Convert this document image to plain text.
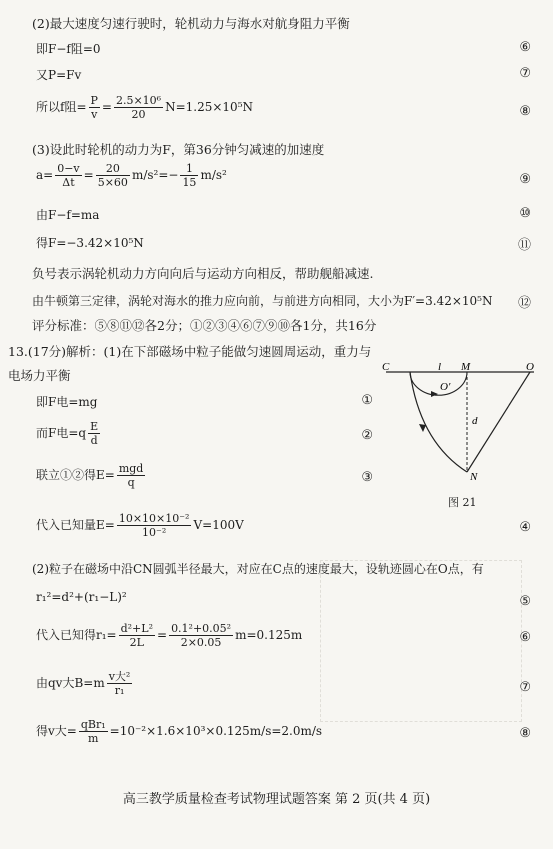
(2)最大速度匀速行驶时，轮机动力与海水对航身阻力平衡
即F−f阻=0	⑥
又P=Fv	⑦
所以f阻= $\frac{P}{v} = \frac{\text{2.5×10⁶}}{20} N=1.25\times 10^5N$	⑧
(3)设此时轮机的动力为F，第36分钟匀减速的加速度
$a= \frac{0-v}{\Delta t} = \frac{20}{5\times 60} m/s^2=- \frac{1}{15} m/s^2$	⑨
由F−f=ma	⑩
得F=−3.42×10⁵N	⑪
负号表示涡轮机动力方向向后与运动方向相反，帮助舰船减速.
由牛顿第三定律，涡轮对海水的推力应向前，与前进方向相同，大小为F′=3.42×10⁵N ⑫
评分标准：⑤⑧⑪⑫各2分；①②③④⑥⑦⑨⑩各1分，共16分
13.(17分)解析：(1)在下部磁场中粒子能做匀速圆周运动，重力与
电场力平衡
即F电=mg	①
而F电$=q \frac{E}{d}$	②
联立①②得$E= \frac{\text{mgd}}{q}$	③
C	l M	O
O′
d
N
图 21
代入已知量$E= \frac{\text{10×10×10⁻²}}{\text{10⁻²}} V=100V$	④
(2)粒子在磁场中沿CN圆弧半径最大，对应在C点的速度最大，设轨迹圆心在O点，有
r₁²=d²+(r₁−L)²	⑤
代入已知得$r_1= \frac{\text{d²+L²}}{2L} = \frac{\text{0.1²+0.05²}}{2\times 0.05} m=0.125m$	⑥
由qv大$B=m \frac{\text{v大²}}{\text{r₁}}$	⑦
得v大= $\frac{\text{qBr₁}}{m} =10^{-2}\times 1.6\times 10^3\times 0.125m/s=2.0m/s$	⑧
高三教学质量检查考试物理试题答案 第 2 页(共 4 页)
